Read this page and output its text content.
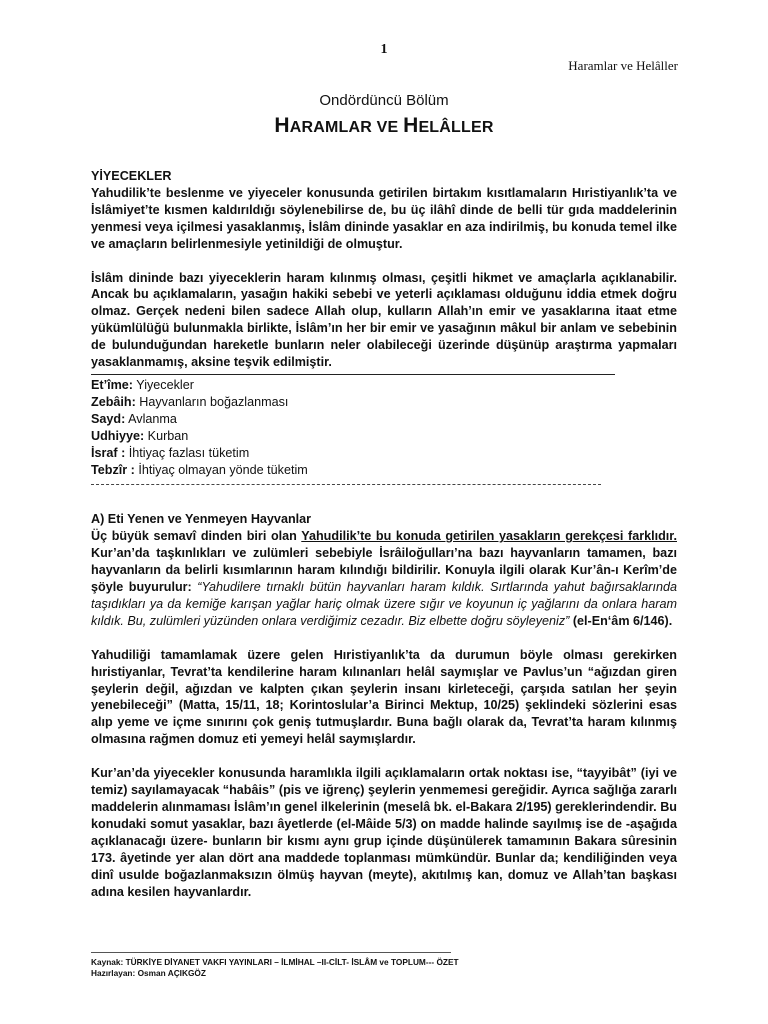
1
Haramlar ve Helâller
Ondördüncü Bölüm
HARAMLAR VE HELÂLLER

YİYECEKLER

Yahudilik’te beslenme ve yiyeceler konusunda getirilen birtakım kısıtlamaların Hıristiyanlık’ta ve İslâmiyet’te kısmen kaldırıldığı söylenebilirse de, bu üç ilâhî dinde de belli tür gıda maddelerinin yenmesi veya içilmesi yasaklanmış, İslâm dininde yasaklar en aza indirilmiş, bu konuda temel ilke ve amaçların belirlenmesiyle yetinildiği de olmuştur.

İslâm dininde bazı yiyeceklerin haram kılınmış olması, çeşitli hikmet ve amaçlarla açıklanabilir. Ancak bu açıklamaların, yasağın hakiki sebebi ve yeterli açıklaması olduğunu iddia etmek doğru olmaz. Gerçek nedeni bilen sadece Allah olup, kulların Allah’ın emir ve yasaklarına itaat etme yükümlülüğü bulunmakla birlikte, İslâm’ın her bir emir ve yasağının mâkul bir anlam ve sebebinin de bulunduğundan hareketle bunların neler olabileceği üzerinde düşünüp araştırma yapmaları yasaklanmamış, aksine teşvik edilmiştir.

Et’îme: Yiyecekler

Zebâih: Hayvanların boğazlanması

Sayd: Avlanma

Udhiyye: Kurban

İsraf : İhtiyaç fazlası tüketim

Tebzîr : İhtiyaç olmayan yönde tüketim

A) Eti Yenen ve Yenmeyen Hayvanlar

Üç büyük semavî dinden biri olan Yahudilik’te bu konuda getirilen yasakların gerekçesi farklıdır. Kur’an’da taşkınlıkları ve zulümleri sebebiyle İsrâiloğulları’na bazı hayvanların tamamen, bazı hayvanların da belirli kısımlarının haram kılındığı bildirilir. Konuyla ilgili olarak Kur’ân-ı Kerîm’de şöyle buyurulur: “Yahudilere tırnaklı bütün hayvanları haram kıldık. Sırtlarında yahut bağırsaklarında taşıdıkları ya da kemiğe karışan yağlar hariç olmak üzere sığır ve koyunun iç yağlarını da onlara haram kıldık. Bu, zulümleri yüzünden onlara verdiğimiz cezadır. Biz elbette doğru söyleyeniz” (el-En‘âm 6/146).

Yahudiliği tamamlamak üzere gelen Hıristiyanlık’ta da durumun böyle olması gerekirken hıristiyanlar, Tevrat’ta kendilerine haram kılınanları helâl saymışlar ve Pavlus’un “ağızdan giren şeylerin değil, ağızdan ve kalpten çıkan şeylerin insanı kirleteceği, çarşıda satılan her şeyin yenebileceği” (Matta, 15/11, 18; Korintoslular’a Birinci Mektup, 10/25) şeklindeki sözlerini esas alıp yeme ve içme sınırını çok geniş tutmuşlardır. Buna bağlı olarak da, Tevrat’ta haram kılınmış olmasına rağmen domuz eti yemeyi helâl saymışlardır.

Kur’an’da yiyecekler konusunda haramlıkla ilgili açıklamaların ortak noktası ise, “tayyibât” (iyi ve temiz) sayılamayacak “habâis” (pis ve iğrenç) şeylerin yenmemesi gereğidir. Ayrıca sağlığa zararlı maddelerin alınmaması İslâm’ın genel ilkelerinin (meselâ bk. el-Bakara 2/195) gereklerindendir. Bu konudaki somut yasaklar, bazı âyetlerde (el-Mâide 5/3) on madde halinde sayılmış ise de -aşağıda açıklanacağı üzere- bunların bir kısmı aynı grup içinde düşünülerek tamamının Bakara sûresinin 173. âyetinde yer alan dört ana maddede toplanması mümkündür. Bunlar da; kendiliğinden veya dinî usulde boğazlanmaksızın ölmüş hayvan (meyte), akıtılmış kan, domuz ve Allah’tan başkası adına kesilen hayvanlardır.

Kaynak: TÜRKİYE DİYANET VAKFI YAYINLARI – İLMİHAL –II-CİLT- İSLÂM ve TOPLUM--- ÖZET
Hazırlayan: Osman AÇIKGÖZ
